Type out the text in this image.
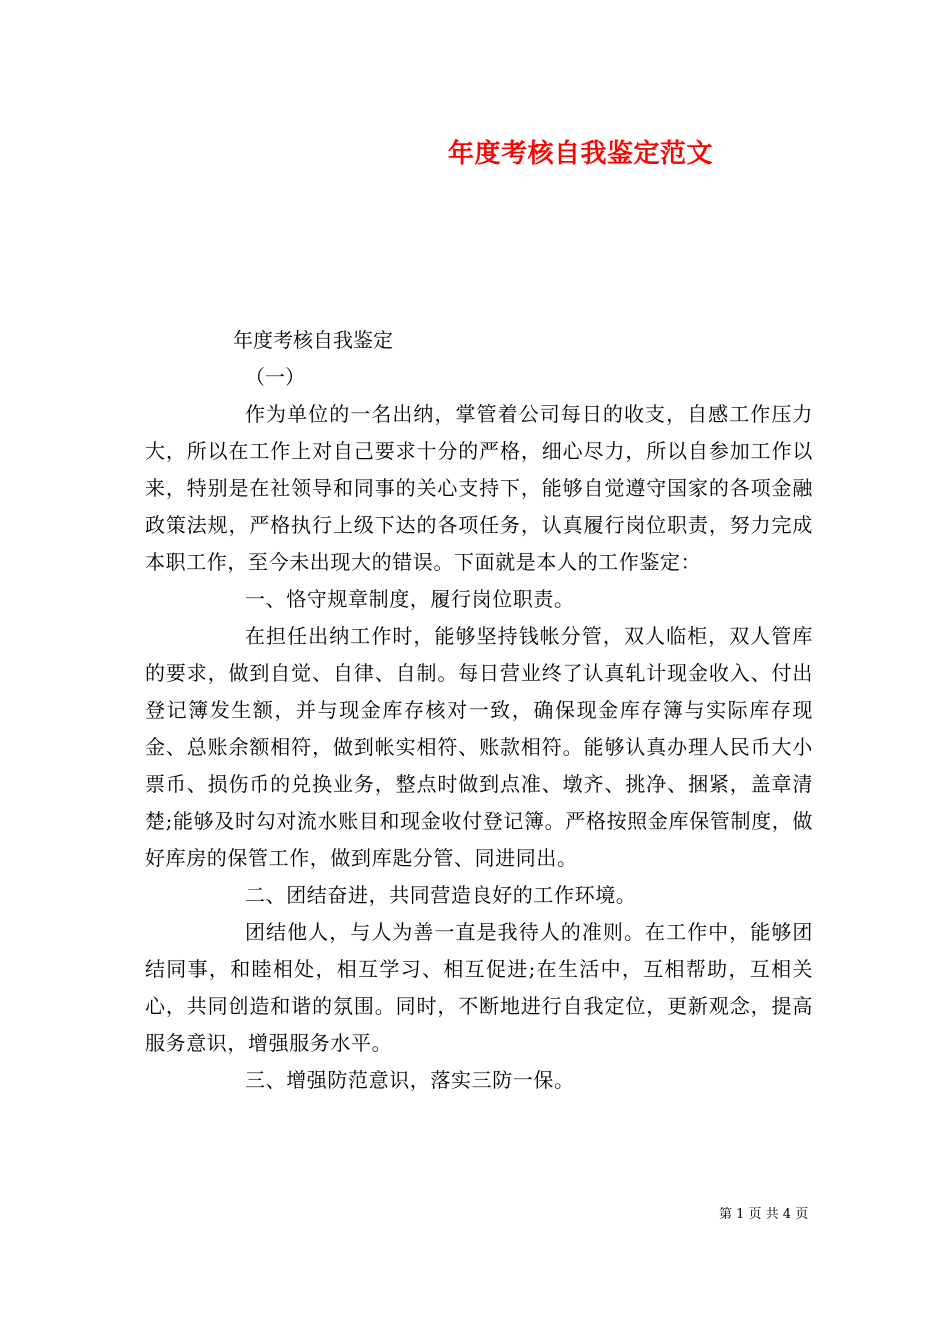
年度考核自我鉴定范文
年度考核自我鉴定
（一）

作为单位的一名出纳，掌管着公司每日的收支，自感工作压力大，所以在工作上对自己要求十分的严格，细心尽力，所以自参加工作以来，特别是在社领导和同事的关心支持下，能够自觉遵守国家的各项金融政策法规，严格执行上级下达的各项任务，认真履行岗位职责，努力完成本职工作，至今未出现大的错误。下面就是本人的工作鉴定：

一、恪守规章制度，履行岗位职责。

在担任出纳工作时，能够坚持钱帐分管，双人临柜，双人管库的要求，做到自觉、自律、自制。每日营业终了认真轧计现金收入、付出登记簿发生额，并与现金库存核对一致，确保现金库存簿与实际库存现金、总账余额相符，做到帐实相符、账款相符。能够认真办理人民币大小票币、损伤币的兑换业务，整点时做到点准、墩齐、挑净、捆紧，盖章清楚;能够及时勾对流水账目和现金收付登记簿。严格按照金库保管制度，做好库房的保管工作，做到库匙分管、同进同出。

二、团结奋进，共同营造良好的工作环境。

团结他人，与人为善一直是我待人的准则。在工作中，能够团结同事，和睦相处，相互学习、相互促进;在生活中，互相帮助，互相关心，共同创造和谐的氛围。同时，不断地进行自我定位，更新观念，提高服务意识，增强服务水平。

三、增强防范意识，落实三防一保。
第 1 页 共 4 页
